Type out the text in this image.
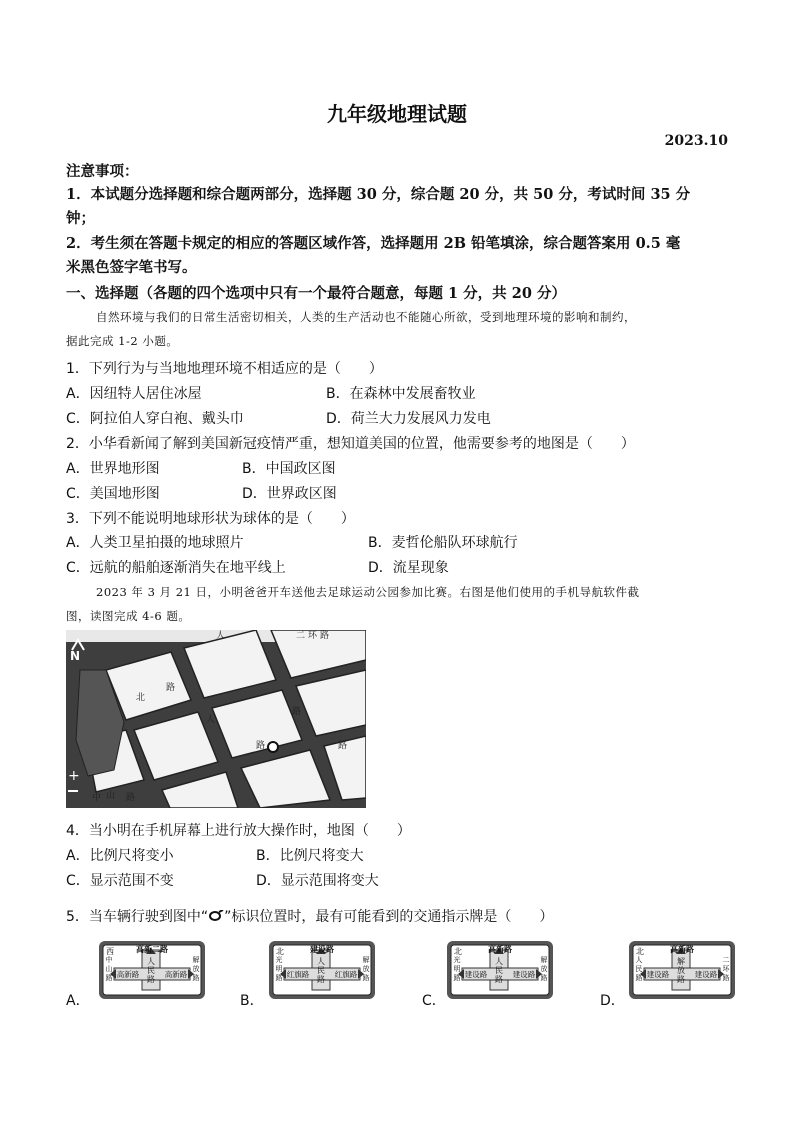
九年级地理试题
2023.10
注意事项：
1．本试题分选择题和综合题两部分，选择题 30 分，综合题 20 分，共 50 分，考试时间 35 分
钟；
2．考生须在答题卡规定的相应的答题区域作答，选择题用 2B 铅笔填涂，综合题答案用 0.5 毫
米黑色签字笔书写。
一、选择题（各题的四个选项中只有一个最符合题意，每题 1 分，共 20 分）
自然环境与我们的日常生活密切相关，人类的生产活动也不能随心所欲，受到地理环境的影响和制约，
据此完成 1-2 小题。
1．下列行为与当地地理环境不相适应的是（　　）
A．因纽特人居住冰屋	B．在森林中发展畜牧业
C．阿拉伯人穿白袍、戴头巾	D．荷兰大力发展风力发电
2．小华看新闻了解到美国新冠疫情严重，想知道美国的位置，他需要参考的地图是（　　）
A．世界地形图	B．中国政区图
C．美国地形图	D．世界政区图
3．下列不能说明地球形状为球体的是（　　）
A．人类卫星拍摄的地球照片	B．麦哲伦船队环球航行
C．远航的船舶逐渐消失在地平线上	D．流星现象
2023 年 3 月 21 日，小明爸爸开车送他去足球运动公园参加比赛。右图是他们使用的手机导航软件截
图，读图完成 4-6 题。
人	二 环 路
人
路
路
路
中 山 路
北
路
N
+
4．当小明在手机屏幕上进行放大操作时，地图（　　）
A．比例尺将变小	B．比例尺将变大
C．显示范围不变	D．显示范围将变大
5．当车辆行驶到图中“ ”标识位置时，最有可能看到的交通指示牌是（　　）
A．	B．	C．	D．
西	高新二路
人
民
路
高新路	高新路
中
山
路
解
放
路
北	建设路
人
民
路
红旗路	红旗路
光
明
路
解
放
路
北	高新路
人
民
路
建设路	建设路
光
明
路
解
放
路
北	高新路
解
放
路
建设路	建设路
人
民
路
二
环
路
